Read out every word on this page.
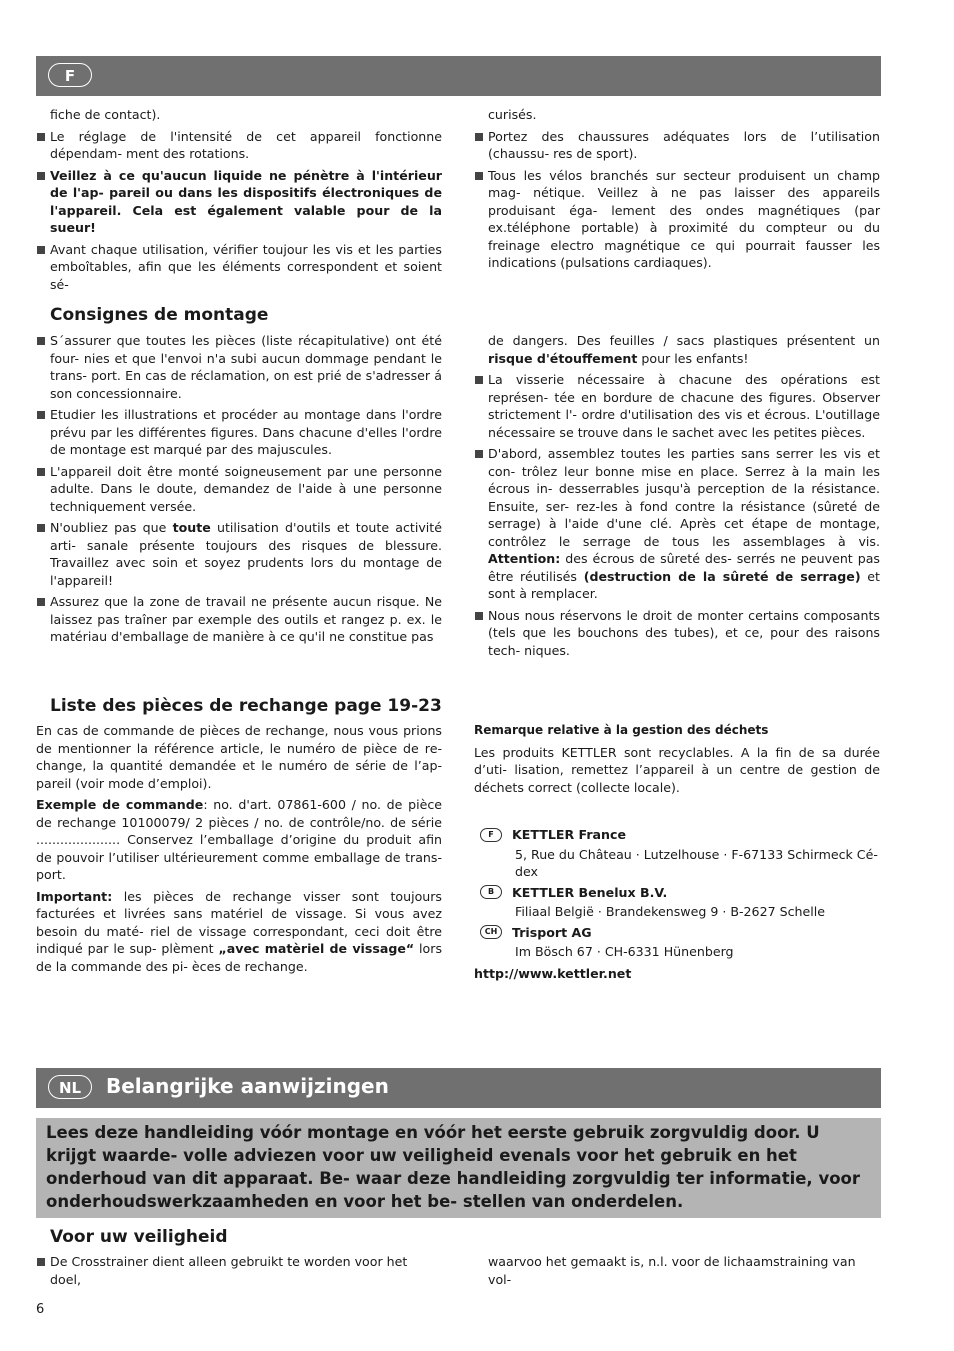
F
fiche de contact).
Le réglage de l'intensité de cet appareil fonctionne dépendam- ment des rotations.
Veillez à ce qu'aucun liquide ne pénètre à l'intérieur de l'ap- pareil ou dans les dispositifs électroniques de l'appareil. Cela est également valable pour de la sueur!
Avant chaque utilisation, vérifier toujour les vis et les parties emboîtables, afin que les éléments correspondent et soient sé-
curisés.
Portez des chaussures adéquates lors de l’utilisation (chaussu- res de sport).
Tous les vélos branchés sur secteur produisent un champ mag- nétique. Veillez à ne pas laisser des appareils produisant éga- lement des ondes magnétiques (par ex.téléphone portable) à proximité du compteur ou du freinage electro magnétique ce qui pourrait fausser les indications (pulsations cardiaques).
Consignes de montage
S´assurer que toutes les pièces (liste récapitulative) ont été four- nies et que l'envoi n'a subi aucun dommage pendant le trans- port. En cas de réclamation, on est prié de s'adresser á son concessionnaire.
Etudier les illustrations et procéder au montage dans l'ordre prévu par les différentes figures. Dans chacune d'elles l'ordre de montage est marqué par des majuscules.
L'appareil doit être monté soigneusement par une personne adulte. Dans le doute, demandez de l'aide à une personne techniquement versée.
N'oubliez pas que toute utilisation d'outils et toute activité arti- sanale présente toujours des risques de blessure. Travaillez avec soin et soyez prudents lors du montage de l'appareil!
Assurez que la zone de travail ne présente aucun risque. Ne laissez pas traîner par exemple des outils et rangez p. ex. le matériau d'emballage de manière à ce qu'il ne constitue pas
de dangers. Des feuilles / sacs plastiques présentent un risque d'étouffement pour les enfants!
La visserie nécessaire à chacune des opérations est représen- tée en bordure de chacune des figures. Observer strictement l'- ordre d'utilisation des vis et écrous. L'outillage nécessaire se trouve dans le sachet avec les petites pièces.
D'abord, assemblez toutes les parties sans serrer les vis et con- trôlez leur bonne mise en place. Serrez à la main les écrous in- desserrables jusqu'à perception de la résistance. Ensuite, ser- rez-les à fond contre la résistance (sûreté de serrage) à l'aide d'une clé. Après cet étape de montage, contrôlez le serrage de tous les assemblages à vis. Attention: des écrous de sûreté des- serrés ne peuvent pas être réutilisés (destruction de la sûreté de serrage) et sont à remplacer.
Nous nous réservons le droit de monter certains composants (tels que les bouchons des tubes), et ce, pour des raisons tech- niques.
Liste des pièces de rechange page 19-23

En cas de commande de pièces de rechange, nous vous prions de mentionner la référence article, le numéro de pièce de re- change, la quantité demandée et le numéro de série de l’ap- pareil (voir mode d’emploi).

Exemple de commande: no. d'art. 07861-600 / no. de pièce de rechange 10100079/ 2 pièces / no. de contrôle/no. de série ..................... Conservez l’emballage d’origine du produit afin de pouvoir l’utiliser ultérieurement comme emballage de trans- port.

Important: les pièces de rechange visser sont toujours facturées et livrées sans matériel de vissage. Si vous avez besoin du maté- riel de vissage correspondant, ceci doit être indiqué par le sup- plèment „avec matèriel de vissage“ lors de la commande des pi- èces de rechange.

Remarque relative à la gestion des déchets

Les produits KETTLER sont recyclables. A la fin de sa durée d’uti- lisation, remettez l’appareil à un centre de gestion de déchets correct (collecte locale).

F	KETTLER France
5, Rue du Château · Lutzelhouse · F-67133 Schirmeck Cé- dex
B	KETTLER Benelux B.V.
Filiaal België · Brandekensweg 9 · B-2627 Schelle
CH	Trisport AG
Im Bösch 67 · CH-6331 Hünenberg
http://www.kettler.net
NL	Belangrijke aanwijzingen
Lees deze handleiding vóór montage en vóór het eerste gebruik zorgvuldig door. U krijgt waarde- volle adviezen voor uw veiligheid evenals voor het gebruik en het onderhoud van dit apparaat. Be- waar deze handleiding zorgvuldig ter informatie, voor onderhoudswerkzaamheden en voor het be- stellen van onderdelen.
Voor uw veiligheid
De Crosstrainer dient alleen gebruikt te worden voor het doel,
waarvoo het gemaakt is, n.l. voor de lichaamstraining van vol-
6
